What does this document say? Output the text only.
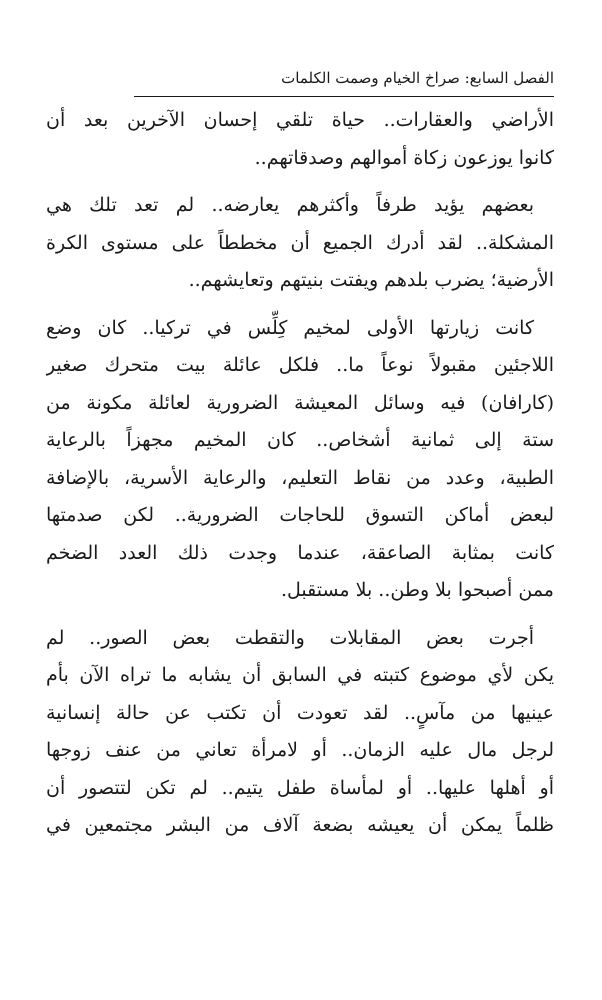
الفصل السابع: صراخ الخيام وصمت الكلمات
الأراضي والعقارات.. حياة تلقي إحسان الآخرين بعد أن
كانوا يوزعون زكاة أموالهم وصدقاتهم..
بعضهم يؤيد طرفاً وأكثرهم يعارضه.. لم تعد تلك هي
المشكلة.. لقد أدرك الجميع أن مخططاً على مستوى الكرة
الأرضية؛ يضرب بلدهم ويفتت بنيتهم وتعايشهم..
كانت زيارتها الأولى لمخيم كِلِّس في تركيا.. كان وضع
اللاجئين مقبولاً نوعاً ما.. فلكل عائلة بيت متحرك صغير
(كارافان) فيه وسائل المعيشة الضرورية لعائلة مكونة من
ستة إلى ثمانية أشخاص.. كان المخيم مجهزاً بالرعاية
الطبية، وعدد من نقاط التعليم، والرعاية الأسرية، بالإضافة
لبعض أماكن التسوق للحاجات الضرورية.. لكن صدمتها
كانت بمثابة الصاعقة، عندما وجدت ذلك العدد الضخم
ممن أصبحوا بلا وطن.. بلا مستقبل.
أجرت بعض المقابلات والتقطت بعض الصور.. لم
يكن لأي موضوع كتبته في السابق أن يشابه ما تراه الآن بأم
عينيها من مآسٍ.. لقد تعودت أن تكتب عن حالة إنسانية
لرجل مال عليه الزمان.. أو لامرأة تعاني من عنف زوجها
أو أهلها عليها.. أو لمأساة طفل يتيم.. لم تكن لتتصور أن
ظلماً يمكن أن يعيشه بضعة آلاف من البشر مجتمعين في
